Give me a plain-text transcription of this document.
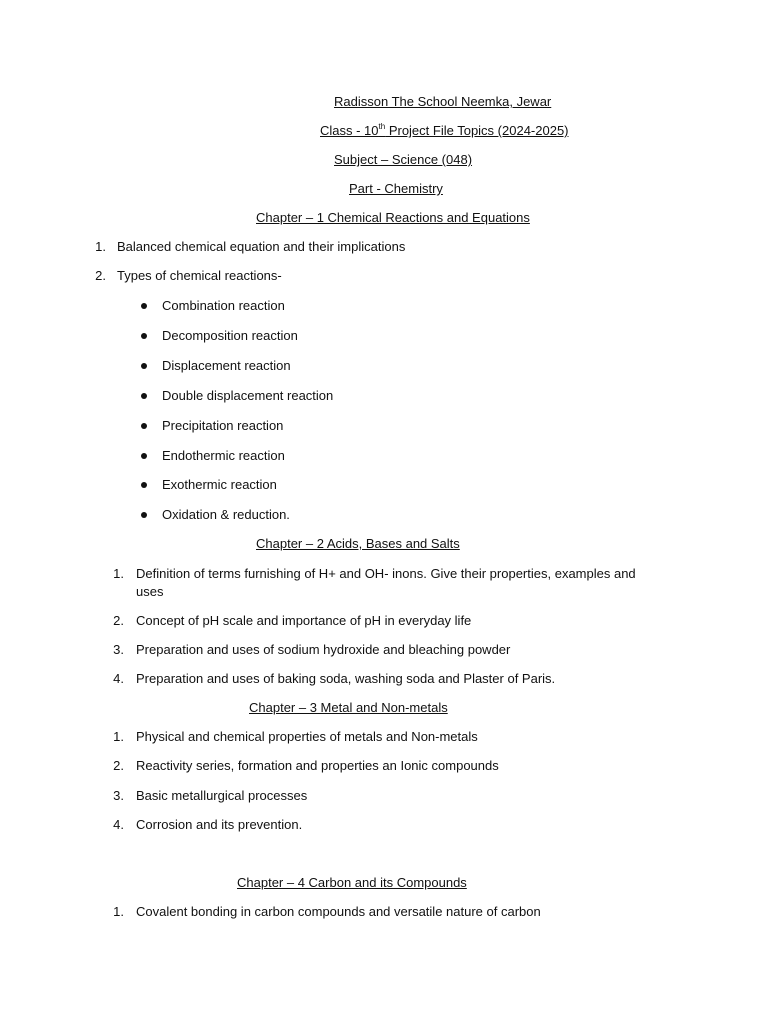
Radisson The School Neemka, Jewar
Class - 10th Project File Topics (2024-2025)
Subject – Science (048)
Part - Chemistry
Chapter – 1 Chemical Reactions and Equations
1. Balanced chemical equation and their implications
2. Types of chemical reactions-
Combination reaction
Decomposition reaction
Displacement reaction
Double displacement reaction
Precipitation reaction
Endothermic reaction
Exothermic reaction
Oxidation & reduction.
Chapter – 2 Acids, Bases and Salts
1. Definition of terms furnishing of H+ and OH- inons. Give their properties, examples and
uses
2. Concept of pH scale and importance of pH in everyday life
3. Preparation and uses of sodium hydroxide and bleaching powder
4. Preparation and uses of baking soda, washing soda and Plaster of Paris.
Chapter – 3 Metal and Non-metals
1. Physical and chemical properties of metals and Non-metals
2. Reactivity series, formation and properties an Ionic compounds
3. Basic metallurgical processes
4. Corrosion and its prevention.
Chapter – 4 Carbon and its Compounds
1. Covalent bonding in carbon compounds and versatile nature of carbon
